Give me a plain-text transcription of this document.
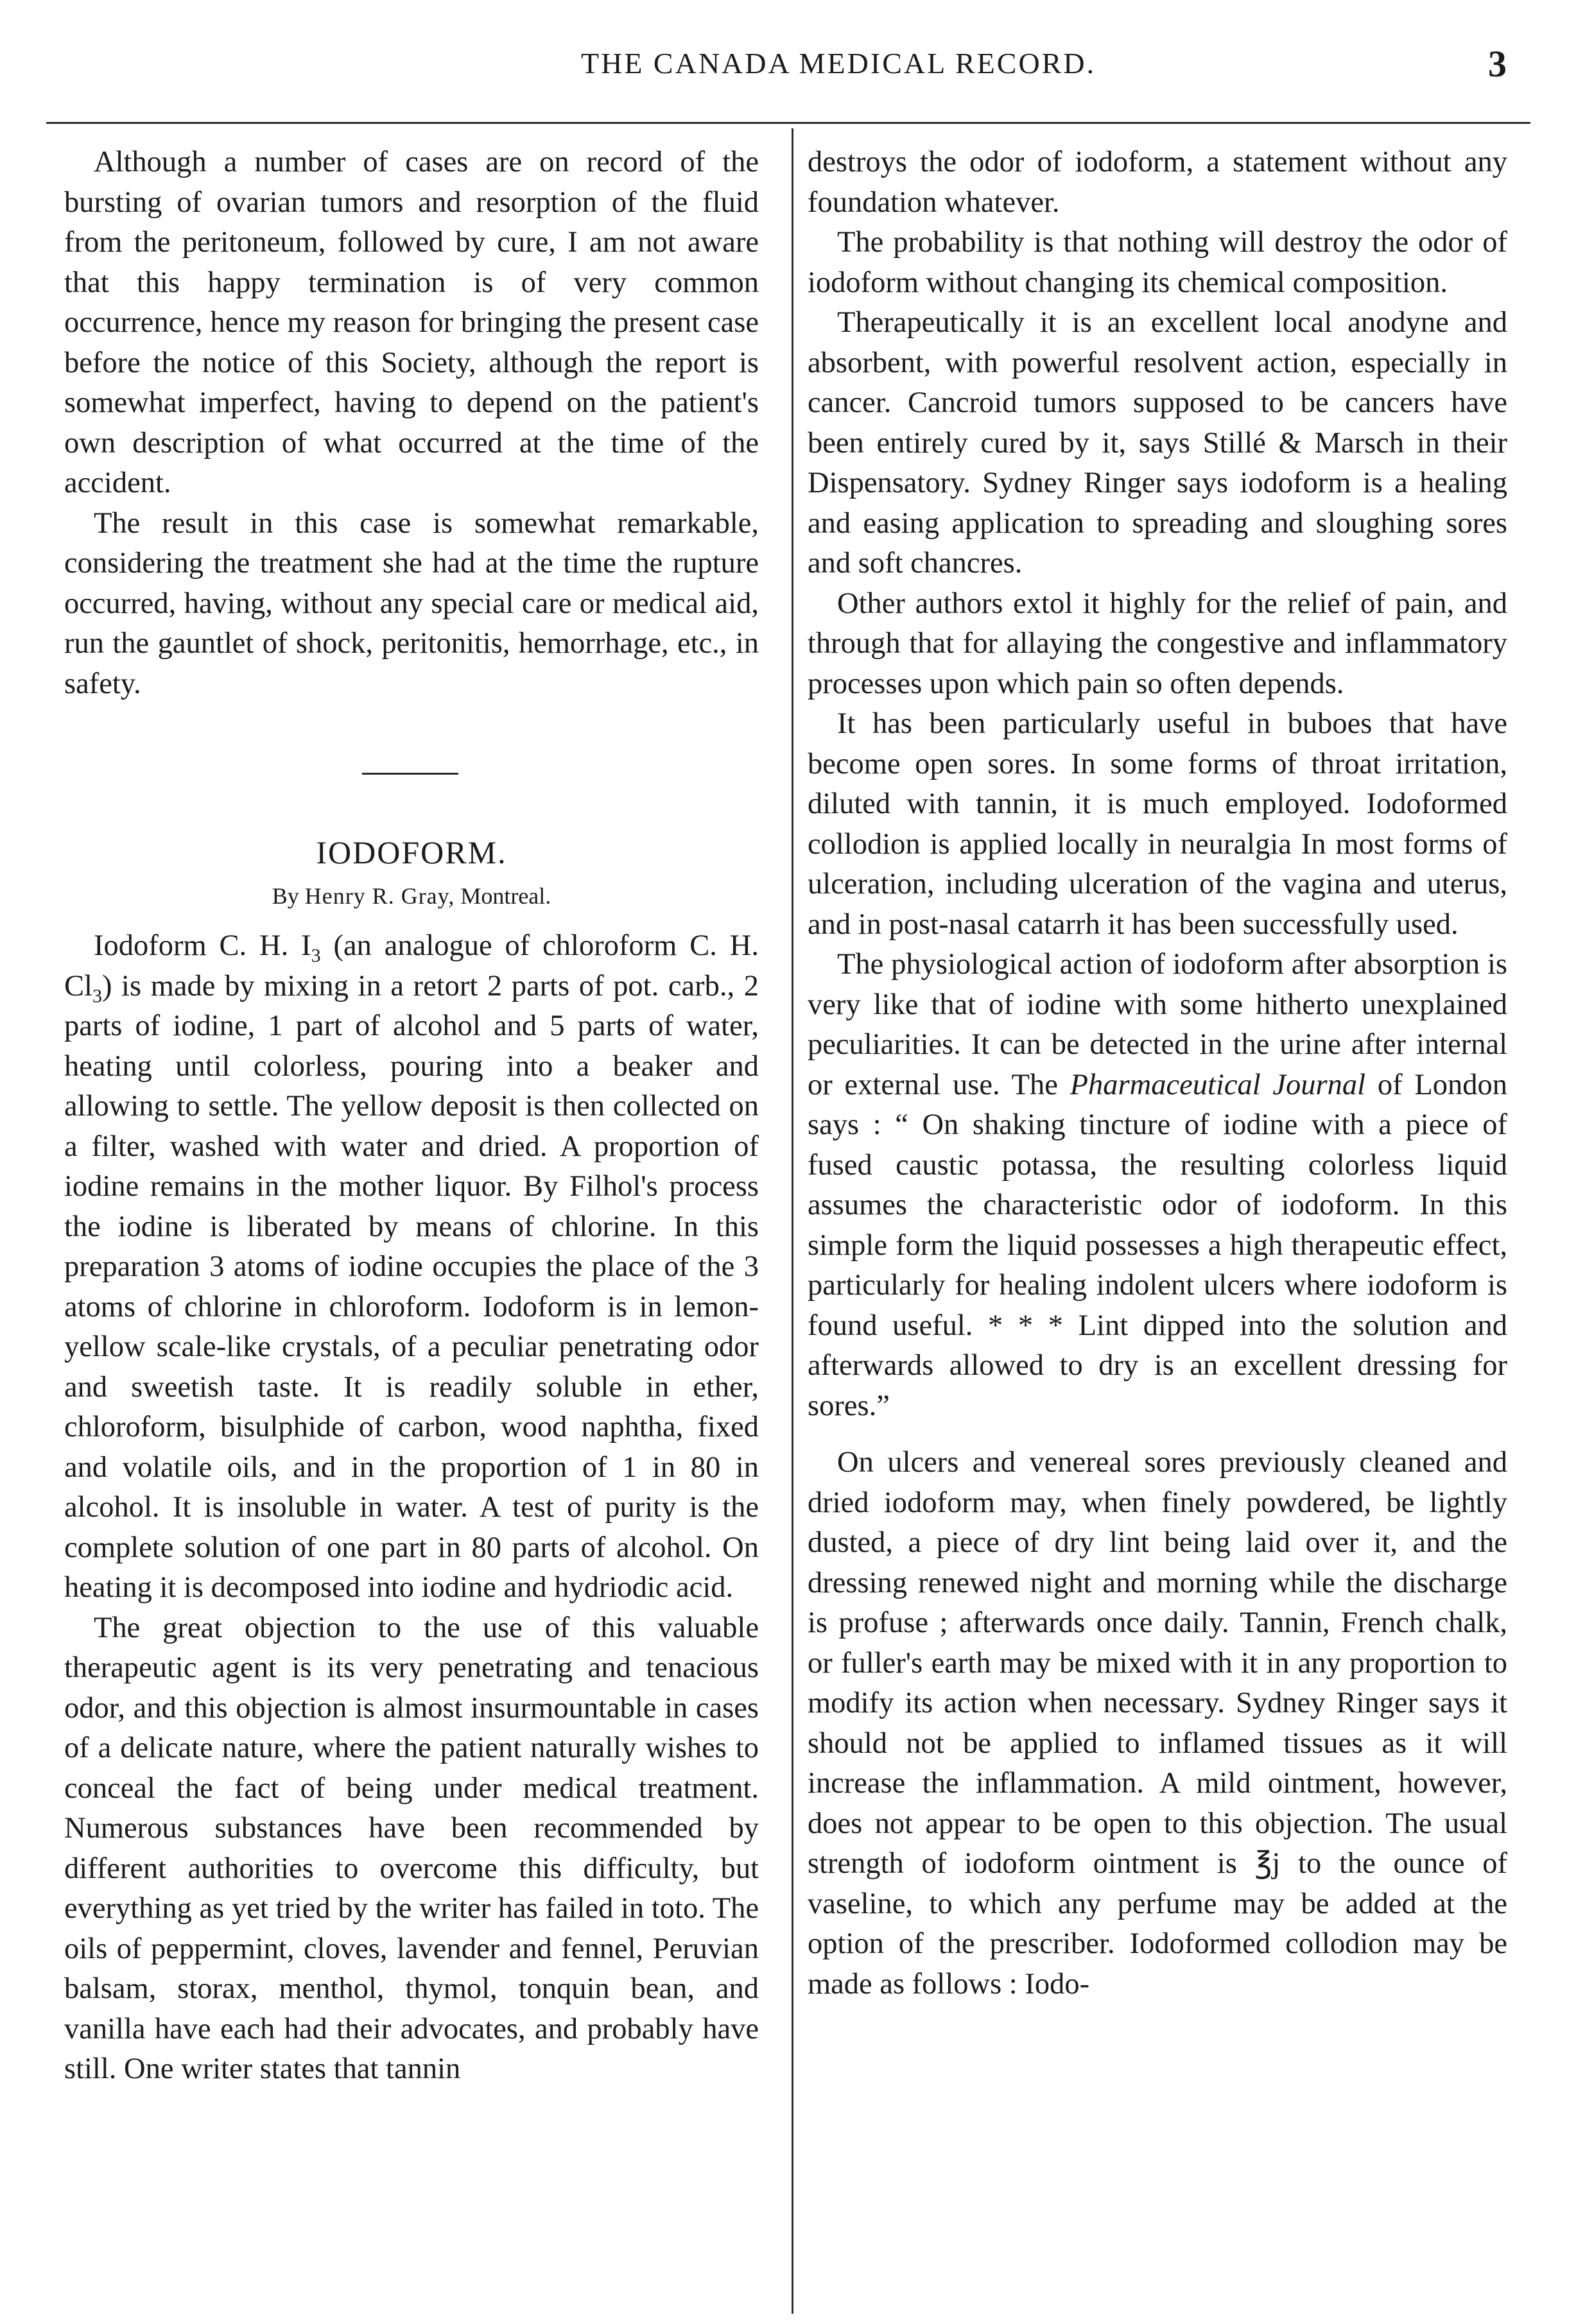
THE CANADA MEDICAL RECORD.	3

Although a number of cases are on record of the bursting of ovarian tumors and resorption of the fluid from the peritoneum, followed by cure, I am not aware that this happy termination is of very common occurrence, hence my reason for bringing the present case before the notice of this Society, although the report is somewhat imperfect, having to depend on the patient's own description of what occurred at the time of the accident.

The result in this case is somewhat remarkable, considering the treatment she had at the time the rupture occurred, having, without any special care or medical aid, run the gauntlet of shock, peritonitis, hemorrhage, etc., in safety.

IODOFORM.
By Henry R. Gray, Montreal.

Iodoform C. H. $I_3$ (an analogue of chloroform C. H. $Cl_3$) is made by mixing in a retort 2 parts of pot. carb., 2 parts of iodine, 1 part of alcohol and 5 parts of water, heating until colorless, pouring into a beaker and allowing to settle. The yellow deposit is then collected on a filter, washed with water and dried. A proportion of iodine remains in the mother liquor. By Filhol's process the iodine is liberated by means of chlorine. In this preparation 3 atoms of iodine occupies the place of the 3 atoms of chlorine in chloroform. Iodoform is in lemon-yellow scale-like crystals, of a peculiar penetrating odor and sweetish taste. It is readily soluble in ether, chloroform, bisulphide of carbon, wood naphtha, fixed and volatile oils, and in the proportion of 1 in 80 in alcohol. It is insoluble in water. A test of purity is the complete solution of one part in 80 parts of alcohol. On heating it is decomposed into iodine and hydriodic acid.

The great objection to the use of this valuable therapeutic agent is its very penetrating and tenacious odor, and this objection is almost insurmountable in cases of a delicate nature, where the patient naturally wishes to conceal the fact of being under medical treatment. Numerous substances have been recommended by different authorities to overcome this difficulty, but everything as yet tried by the writer has failed in toto. The oils of peppermint, cloves, lavender and fennel, Peruvian balsam, storax, menthol, thymol, tonquin bean, and vanilla have each had their advocates, and probably have still. One writer states that tannin

destroys the odor of iodoform, a statement without any foundation whatever.

The probability is that nothing will destroy the odor of iodoform without changing its chemical composition.

Therapeutically it is an excellent local anodyne and absorbent, with powerful resolvent action, especially in cancer. Cancroid tumors supposed to be cancers have been entirely cured by it, says Stillé & Marsch in their Dispensatory. Sydney Ringer says iodoform is a healing and easing application to spreading and sloughing sores and soft chancres.

Other authors extol it highly for the relief of pain, and through that for allaying the congestive and inflammatory processes upon which pain so often depends.

It has been particularly useful in buboes that have become open sores. In some forms of throat irritation, diluted with tannin, it is much employed. Iodoformed collodion is applied locally in neuralgia In most forms of ulceration, including ulceration of the vagina and uterus, and in post-nasal catarrh it has been successfully used.

The physiological action of iodoform after absorption is very like that of iodine with some hitherto unexplained peculiarities. It can be detected in the urine after internal or external use. The Pharmaceutical Journal of London says : “ On shaking tincture of iodine with a piece of fused caustic potassa, the resulting colorless liquid assumes the characteristic odor of iodoform. In this simple form the liquid possesses a high therapeutic effect, particularly for healing indolent ulcers where iodoform is found useful. * * * Lint dipped into the solution and afterwards allowed to dry is an excellent dressing for sores.”

On ulcers and venereal sores previously cleaned and dried iodoform may, when finely powdered, be lightly dusted, a piece of dry lint being laid over it, and the dressing renewed night and morning while the discharge is profuse ; afterwards once daily. Tannin, French chalk, or fuller's earth may be mixed with it in any proportion to modify its action when necessary. Sydney Ringer says it should not be applied to inflamed tissues as it will increase the inflammation. A mild ointment, however, does not appear to be open to this objection. The usual strength of iodoform ointment is ℥j to the ounce of vaseline, to which any perfume may be added at the option of the prescriber. Iodoformed collodion may be made as follows : Iodo-
